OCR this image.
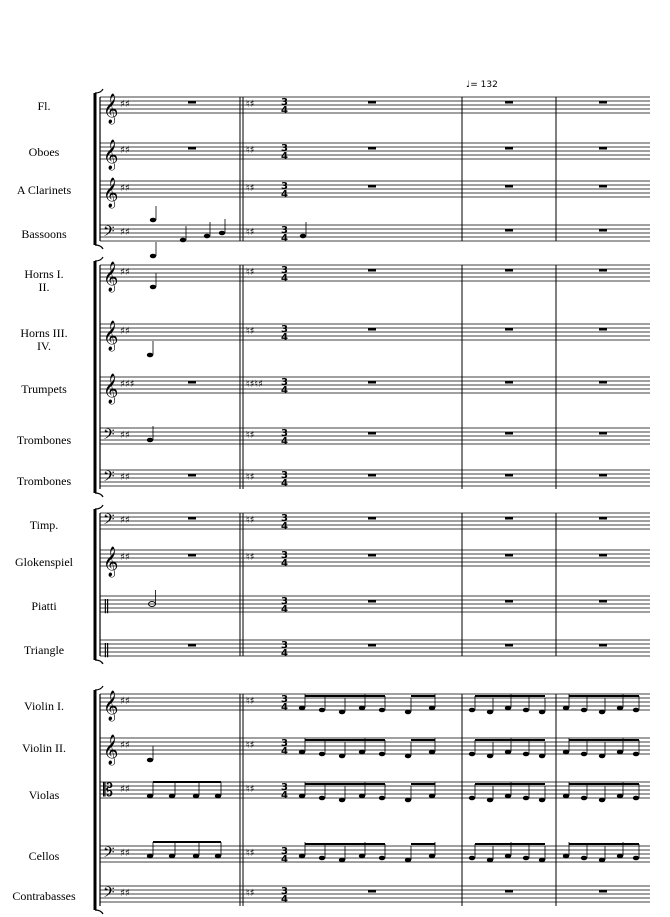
𝄞 ♯♯	♮♯	3
4
𝄞 ♯♯	♮♯	3
4
𝄞 ♯♯	♮♯	3
4
𝄢 ♯♯	♮♯	3
4
𝄞 ♯♯	♮♯	3
4
𝄞 ♯♯	♮♯	3
4
𝄞 ♯♯♯	♮♯♮♯ 3
4
𝄢 ♯♯	♮♯	3
4
𝄢 ♯♯	♮♯	3
4
𝄢 ♯♯	♮♯	3
4
𝄞 ♯♯	♮♯	3
4
‖	3
4
‖	3
4
𝄞 ♯♯	♮♯	3
4
𝄞 ♯♯	♮♯	3
4
𝄡 ♯♯	♮♯	3
4
𝄢 ♯♯	♮♯	3
4
𝄢 ♯♯	♮♯	3
4
♩= 132
Fl.
Oboes
A Clarinets
Bassoons
Horns I.
II.
Horns III.
IV.
Trumpets
Trombones
Trombones
Timp.
Glokenspiel
Piatti
Triangle
Violin I.
Violin II.
Violas
Cellos
Contrabasses
